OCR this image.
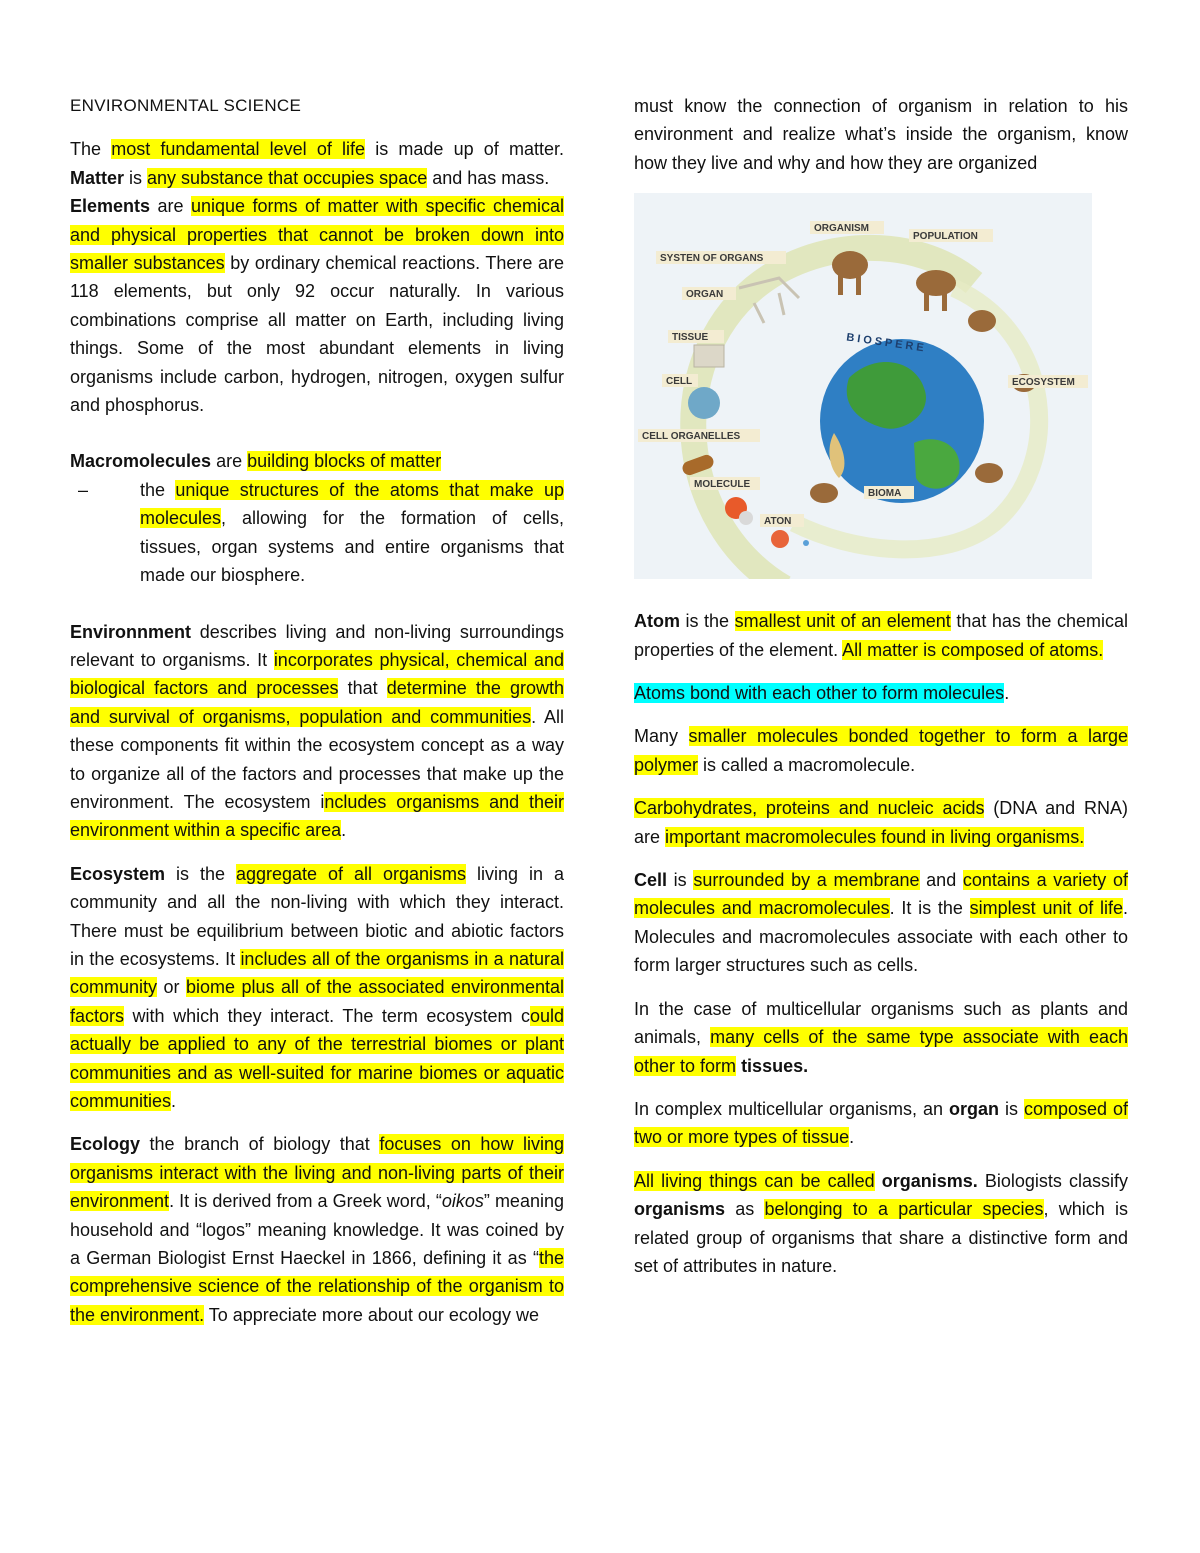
ENVIRONMENTAL SCIENCE

The most fundamental level of life is made up of matter. Matter is any substance that occupies space and has mass.

Elements are unique forms of matter with specific chemical and physical properties that cannot be broken down into smaller substances by ordinary chemical reactions. There are 118 elements, but only 92 occur naturally. In various combinations comprise all matter on Earth, including living things. Some of the most abundant elements in living organisms include carbon, hydrogen, nitrogen, oxygen sulfur and phosphorus.

Macromolecules are building blocks of matter

–	the unique structures of the atoms that make up molecules, allowing for the formation of cells, tissues, organ systems and entire organisms that made our biosphere.

Environnment describes living and non-living surroundings relevant to organisms. It incorporates physical, chemical and biological factors and processes that determine the growth and survival of organisms, population and communities. All these components fit within the ecosystem concept as a way to organize all of the factors and processes that make up the environment. The ecosystem includes organisms and their environment within a specific area.

Ecosystem is the aggregate of all organisms living in a community and all the non-living with which they interact. There must be equilibrium between biotic and abiotic factors in the ecosystems. It includes all of the organisms in a natural community or biome plus all of the associated environmental factors with which they interact. The term ecosystem could actually be applied to any of the terrestrial biomes or plant communities and as well-suited for marine biomes or aquatic communities.

Ecology the branch of biology that focuses on how living organisms interact with the living and non-living parts of their environment. It is derived from a Greek word, “oikos” meaning household and “logos” meaning knowledge. It was coined by a German Biologist Ernst Haeckel in 1866, defining it as “the comprehensive science of the relationship of the organism to the environment. To appreciate more about our ecology we

must know the connection of organism in relation to his environment and realize what’s inside the organism, know how they live and why and how they are organized

ORGANISM
POPULATION
SYSTEN OF ORGANS
ORGAN
TISSUE
CELL
CELL ORGANELLES
MOLECULE
ATON
ECOSYSTEM
BIOMA
BIOSPERE

Atom is the smallest unit of an element that has the chemical properties of the element. All matter is composed of atoms.

Atoms bond with each other to form molecules.

Many smaller molecules bonded together to form a large polymer is called a macromolecule.

Carbohydrates, proteins and nucleic acids (DNA and RNA) are important macromolecules found in living organisms.

Cell is surrounded by a membrane and contains a variety of molecules and macromolecules. It is the simplest unit of life. Molecules and macromolecules associate with each other to form larger structures such as cells.

In the case of multicellular organisms such as plants and animals, many cells of the same type associate with each other to form tissues.

In complex multicellular organisms, an organ is composed of two or more types of tissue.

All living things can be called organisms. Biologists classify organisms as belonging to a particular species, which is related group of organisms that share a distinctive form and set of attributes in nature.
